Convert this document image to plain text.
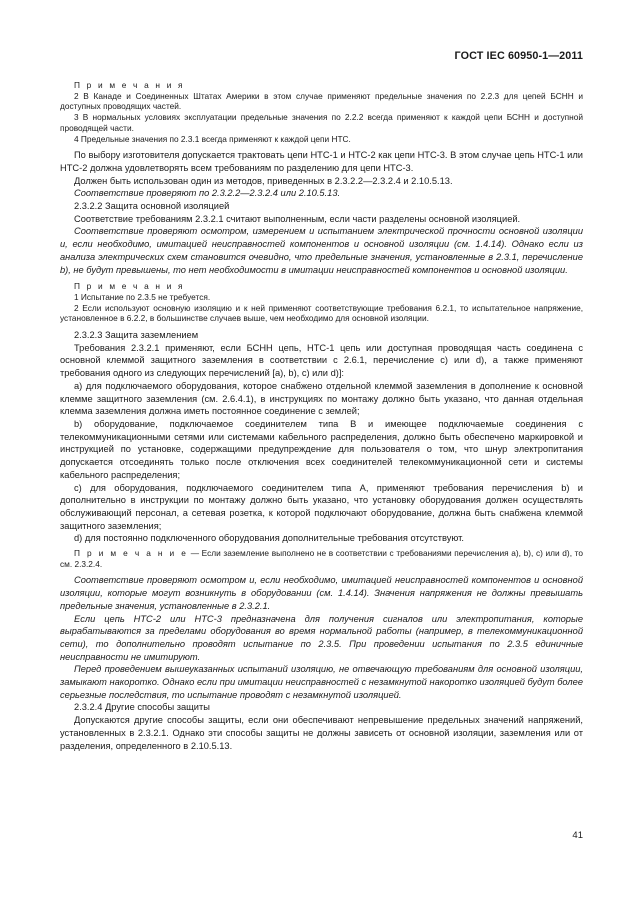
ГОСТ IEC 60950-1—2011

П р и м е ч а н и я

2 В Канаде и Соединенных Штатах Америки в этом случае применяют предельные значения по 2.2.3 для цепей БСНН и доступных проводящих частей.

3 В нормальных условиях эксплуатации предельные значения по 2.2.2 всегда применяют к каждой цепи БСНН и доступной проводящей части.

4 Предельные значения по 2.3.1 всегда применяют к каждой цепи НТС.

По выбору изготовителя допускается трактовать цепи НТС-1 и НТС-2 как цепи НТС-3. В этом случае цепь НТС-1 или НТС-2 должна удовлетворять всем требованиям по разделению для цепи НТС-3.

Должен быть использован один из методов, приведенных в 2.3.2.2—2.3.2.4 и 2.10.5.13.

Соответствие проверяют по 2.3.2.2—2.3.2.4 или 2.10.5.13.

2.3.2.2 Защита основной изоляцией

Соответствие требованиям 2.3.2.1 считают выполненным, если части разделены основной изоляцией.

Соответствие проверяют осмотром, измерением и испытанием электрической прочности основной изоляции и, если необходимо, имитацией неисправностей компонентов и основной изоляции (см. 1.4.14). Однако если из анализа электрических схем становится очевидно, что предельные значения, установленные в 2.3.1, перечисление b), не будут превышены, то нет необходимости в имитации неисправностей компонентов и основной изоляции.

П р и м е ч а н и я

1 Испытание по 2.3.5 не требуется.

2 Если используют основную изоляцию и к ней применяют соответствующие требования 6.2.1, то испытательное напряжение, установленное в 6.2.2, в большинстве случаев выше, чем необходимо для основной изоляции.

2.3.2.3 Защита заземлением

Требования 2.3.2.1 применяют, если БСНН цепь, НТС-1 цепь или доступная проводящая часть соединена с основной клеммой защитного заземления в соответствии с 2.6.1, перечисление с) или d), а также применяют требования одного из следующих перечислений [a), b), c) или d)]:

a) для подключаемого оборудования, которое снабжено отдельной клеммой заземления в дополнение к основной клемме защитного заземления (см. 2.6.4.1), в инструкциях по монтажу должно быть указано, что данная отдельная клемма заземления должна иметь постоянное соединение с землей;

b) оборудование, подключаемое соединителем типа В и имеющее подключаемые соединения с телекоммуникационными сетями или системами кабельного распределения, должно быть обеспечено маркировкой и инструкцией по установке, содержащими предупреждение для пользователя о том, что шнур электропитания допускается отсоединять только после отключения всех соединителей телекоммуникационной сети и системы кабельного распределения;

c) для оборудования, подключаемого соединителем типа А, применяют требования перечисления b) и дополнительно в инструкции по монтажу должно быть указано, что установку оборудования должен осуществлять обслуживающий персонал, а сетевая розетка, к которой подключают оборудование, должна быть снабжена клеммой защитного заземления;

d) для постоянно подключенного оборудования дополнительные требования отсутствуют.

П р и м е ч а н и е — Если заземление выполнено не в соответствии с требованиями перечисления а), b), c) или d), то см. 2.3.2.4.

Соответствие проверяют осмотром и, если необходимо, имитацией неисправностей компонентов и основной изоляции, которые могут возникнуть в оборудовании (см. 1.4.14). Значения напряжения не должны превышать предельные значения, установленные в 2.3.2.1.

Если цепь НТС-2 или НТС-3 предназначена для получения сигналов или электропитания, которые вырабатываются за пределами оборудования во время нормальной работы (например, в телекоммуникационной сети), то дополнительно проводят испытание по 2.3.5. При проведении испытания по 2.3.5 единичные неисправности не имитируют.

Перед проведением вышеуказанных испытаний изоляцию, не отвечающую требованиям для основной изоляции, замыкают накоротко. Однако если при имитации неисправностей с незамкнутой накоротко изоляцией будут более серьезные последствия, то испытание проводят с незамкнутой изоляцией.

2.3.2.4 Другие способы защиты

Допускаются другие способы защиты, если они обеспечивают непревышение предельных значений напряжений, установленных в 2.3.2.1. Однако эти способы защиты не должны зависеть от основной изоляции, заземления или от разделения, определенного в 2.10.5.13.

41
